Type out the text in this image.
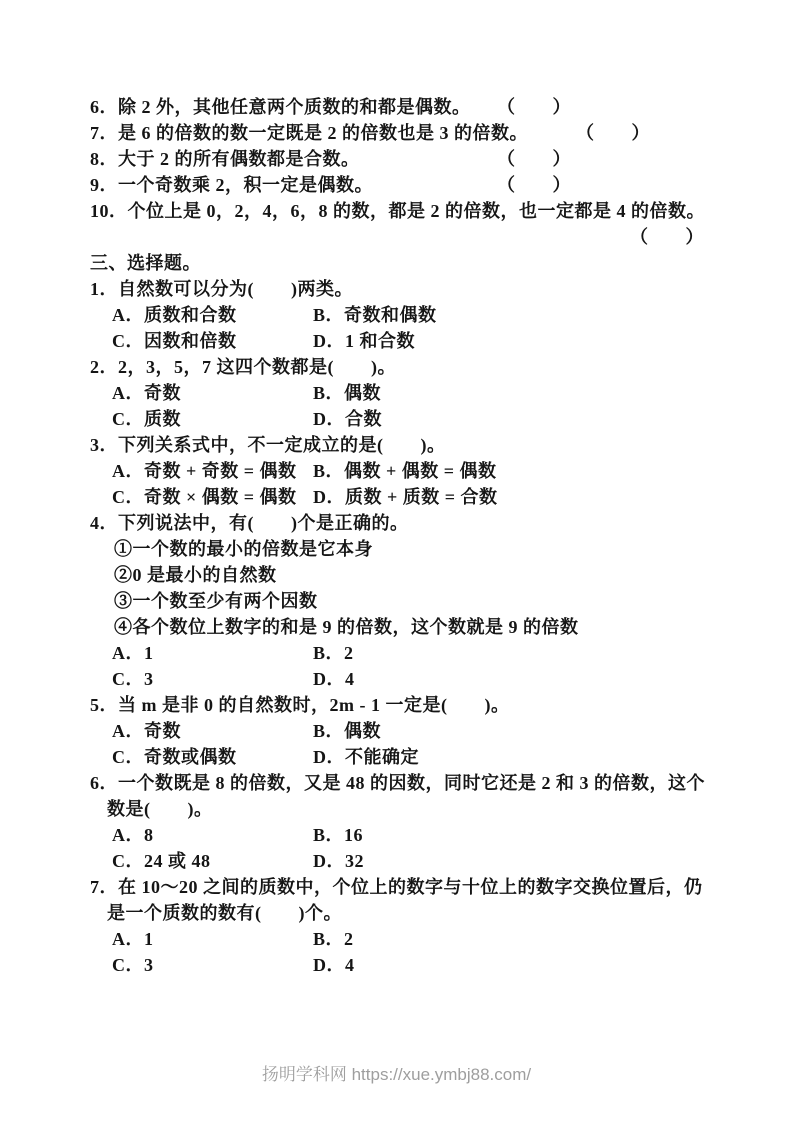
6．除 2 外，其他任意两个质数的和都是偶数。 （　　）
7．是 6 的倍数的数一定既是 2 的倍数也是 3 的倍数。	（　　）
8．大于 2 的所有偶数都是合数。	（　　）
9．一个奇数乘 2，积一定是偶数。	（　　）
10．个位上是 0，2，4，6，8 的数，都是 2 的倍数，也一定都是 4 的倍数。
（　　）
三、选择题。
1．自然数可以分为(　　)两类。
A．质数和合数	B．奇数和偶数
C．因数和倍数	D．1 和合数
2．2，3，5，7 这四个数都是(　　)。
A．奇数	B．偶数
C．质数	D．合数
3．下列关系式中，不一定成立的是(　　)。
A．奇数 + 奇数 = 偶数 B．偶数 + 偶数 = 偶数
C．奇数 × 偶数 = 偶数 D．质数 + 质数 = 合数
4．下列说法中，有(　　)个是正确的。
①一个数的最小的倍数是它本身
②0 是最小的自然数
③一个数至少有两个因数
④各个数位上数字的和是 9 的倍数，这个数就是 9 的倍数
A．1	B．2
C．3	D．4
5．当 m 是非 0 的自然数时，2m - 1 一定是(　　)。
A．奇数	B．偶数
C．奇数或偶数	D．不能确定
6．一个数既是 8 的倍数，又是 48 的因数，同时它还是 2 和 3 的倍数，这个
数是(　　)。
A．8	B．16
C．24 或 48	D．32
7．在 10～20 之间的质数中，个位上的数字与十位上的数字交换位置后，仍
是一个质数的数有(　　)个。
A．1	B．2
C．3	D．4
扬明学科网 https://xue.ymbj88.com/
